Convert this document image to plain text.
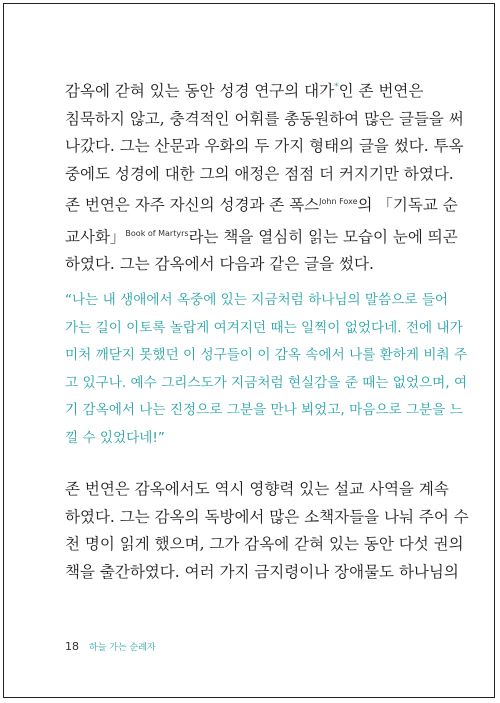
감옥에 갇혀 있는 동안 성경 연구의 대가*인 존 번연은
침묵하지 않고, 충격적인 어휘를 총동원하여 많은 글들을 써
나갔다. 그는 산문과 우화의 두 가지 형태의 글을 썼다. 투옥
중에도 성경에 대한 그의 애정은 점점 더 커지기만 하였다.
존 번연은 자주 자신의 성경과 존 폭스$^{John Foxe}$의 「기독교 순
교사화」$^{Book of Martyrs}$라는 책을 열심히 읽는 모습이 눈에 띄곤
하였다. 그는 감옥에서 다음과 같은 글을 썼다.

“나는 내 생애에서 옥중에 있는 지금처럼 하나님의 말씀으로 들어
가는 길이 이토록 놀랍게 여겨지던 때는 일찍이 없었다네. 전에 내가
미처 깨닫지 못했던 이 성구들이 이 감옥 속에서 나를 환하게 비춰 주
고 있구나. 예수 그리스도가 지금처럼 현실감을 준 때는 없었으며, 여
기 감옥에서 나는 진정으로 그분을 만나 뵈었고, 마음으로 그분을 느
낄 수 있었다네!”

존 번연은 감옥에서도 역시 영향력 있는 설교 사역을 계속
하였다. 그는 감옥의 독방에서 많은 소책자들을 나눠 주어 수
천 명이 읽게 했으며, 그가 감옥에 갇혀 있는 동안 다섯 권의
책을 출간하였다. 여러 가지 금지령이나 장애물도 하나님의

18 하늘 가는 순례자
